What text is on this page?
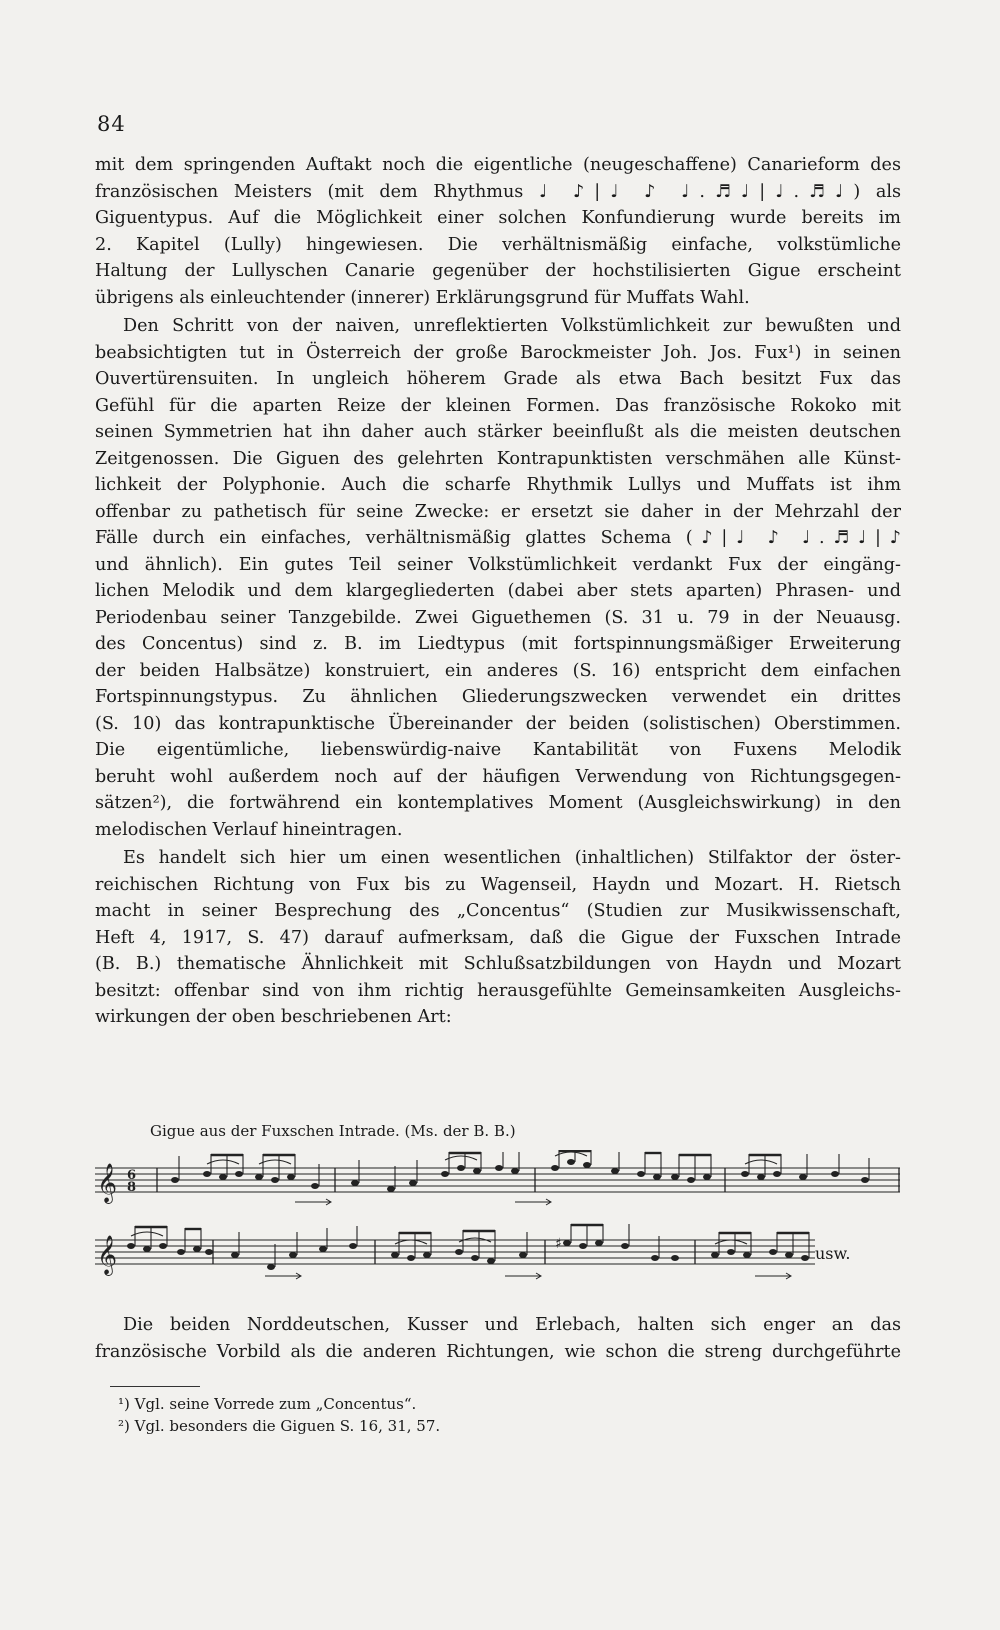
84
mit dem springenden Auftakt noch die eigentliche (neugeschaffene) Canarieform des
französischen Meisters (mit dem Rhythmus ♩ ♪|♩ ♪ ♩.♬♩|♩.♬♩) als
Giguentypus. Auf die Möglichkeit einer solchen Konfundierung wurde bereits im
2. Kapitel (Lully) hingewiesen. Die verhältnismäßig einfache, volkstümliche
Haltung der Lullyschen Canarie gegenüber der hochstilisierten Gigue erscheint
übrigens als einleuchtender (innerer) Erklärungsgrund für Muffats Wahl.
Den Schritt von der naiven, unreflektierten Volkstümlichkeit zur bewußten und
beabsichtigten tut in Österreich der große Barockmeister Joh. Jos. Fux¹) in seinen
Ouvertürensuiten. In ungleich höherem Grade als etwa Bach besitzt Fux das
Gefühl für die aparten Reize der kleinen Formen. Das französische Rokoko mit
seinen Symmetrien hat ihn daher auch stärker beeinflußt als die meisten deutschen
Zeitgenossen. Die Giguen des gelehrten Kontrapunktisten verschmähen alle Künst-
lichkeit der Polyphonie. Auch die scharfe Rhythmik Lullys und Muffats ist ihm
offenbar zu pathetisch für seine Zwecke: er ersetzt sie daher in der Mehrzahl der
Fälle durch ein einfaches, verhältnismäßig glattes Schema (♪|♩ ♪ ♩.♬♩|♪
und ähnlich). Ein gutes Teil seiner Volkstümlichkeit verdankt Fux der eingäng-
lichen Melodik und dem klargegliederten (dabei aber stets aparten) Phrasen- und
Periodenbau seiner Tanzgebilde. Zwei Giguethemen (S. 31 u. 79 in der Neuausg.
des Concentus) sind z. B. im Liedtypus (mit fortspinnungsmäßiger Erweiterung
der beiden Halbsätze) konstruiert, ein anderes (S. 16) entspricht dem einfachen
Fortspinnungstypus. Zu ähnlichen Gliederungszwecken verwendet ein drittes
(S. 10) das kontrapunktische Übereinander der beiden (solistischen) Oberstimmen.
Die eigentümliche, liebenswürdig-naive Kantabilität von Fuxens Melodik
beruht wohl außerdem noch auf der häufigen Verwendung von Richtungsgegen-
sätzen²), die fortwährend ein kontemplatives Moment (Ausgleichswirkung) in den
melodischen Verlauf hineintragen.
Es handelt sich hier um einen wesentlichen (inhaltlichen) Stilfaktor der öster-
reichischen Richtung von Fux bis zu Wagenseil, Haydn und Mozart. H. Rietsch
macht in seiner Besprechung des „Concentus“ (Studien zur Musikwissenschaft,
Heft 4, 1917, S. 47) darauf aufmerksam, daß die Gigue der Fuxschen Intrade
(B. B.) thematische Ähnlichkeit mit Schlußsatzbildungen von Haydn und Mozart
besitzt: offenbar sind von ihm richtig herausgefühlte Gemeinsamkeiten Ausgleichs-
wirkungen der oben beschriebenen Art:
Gigue aus der Fuxschen Intrade. (Ms. der B. B.)
𝄞 6
8
𝄞	♯	usw.
Die beiden Norddeutschen, Kusser und Erlebach, halten sich enger an das
französische Vorbild als die anderen Richtungen, wie schon die streng durchgeführte
¹) Vgl. seine Vorrede zum „Concentus“.
²) Vgl. besonders die Giguen S. 16, 31, 57.
